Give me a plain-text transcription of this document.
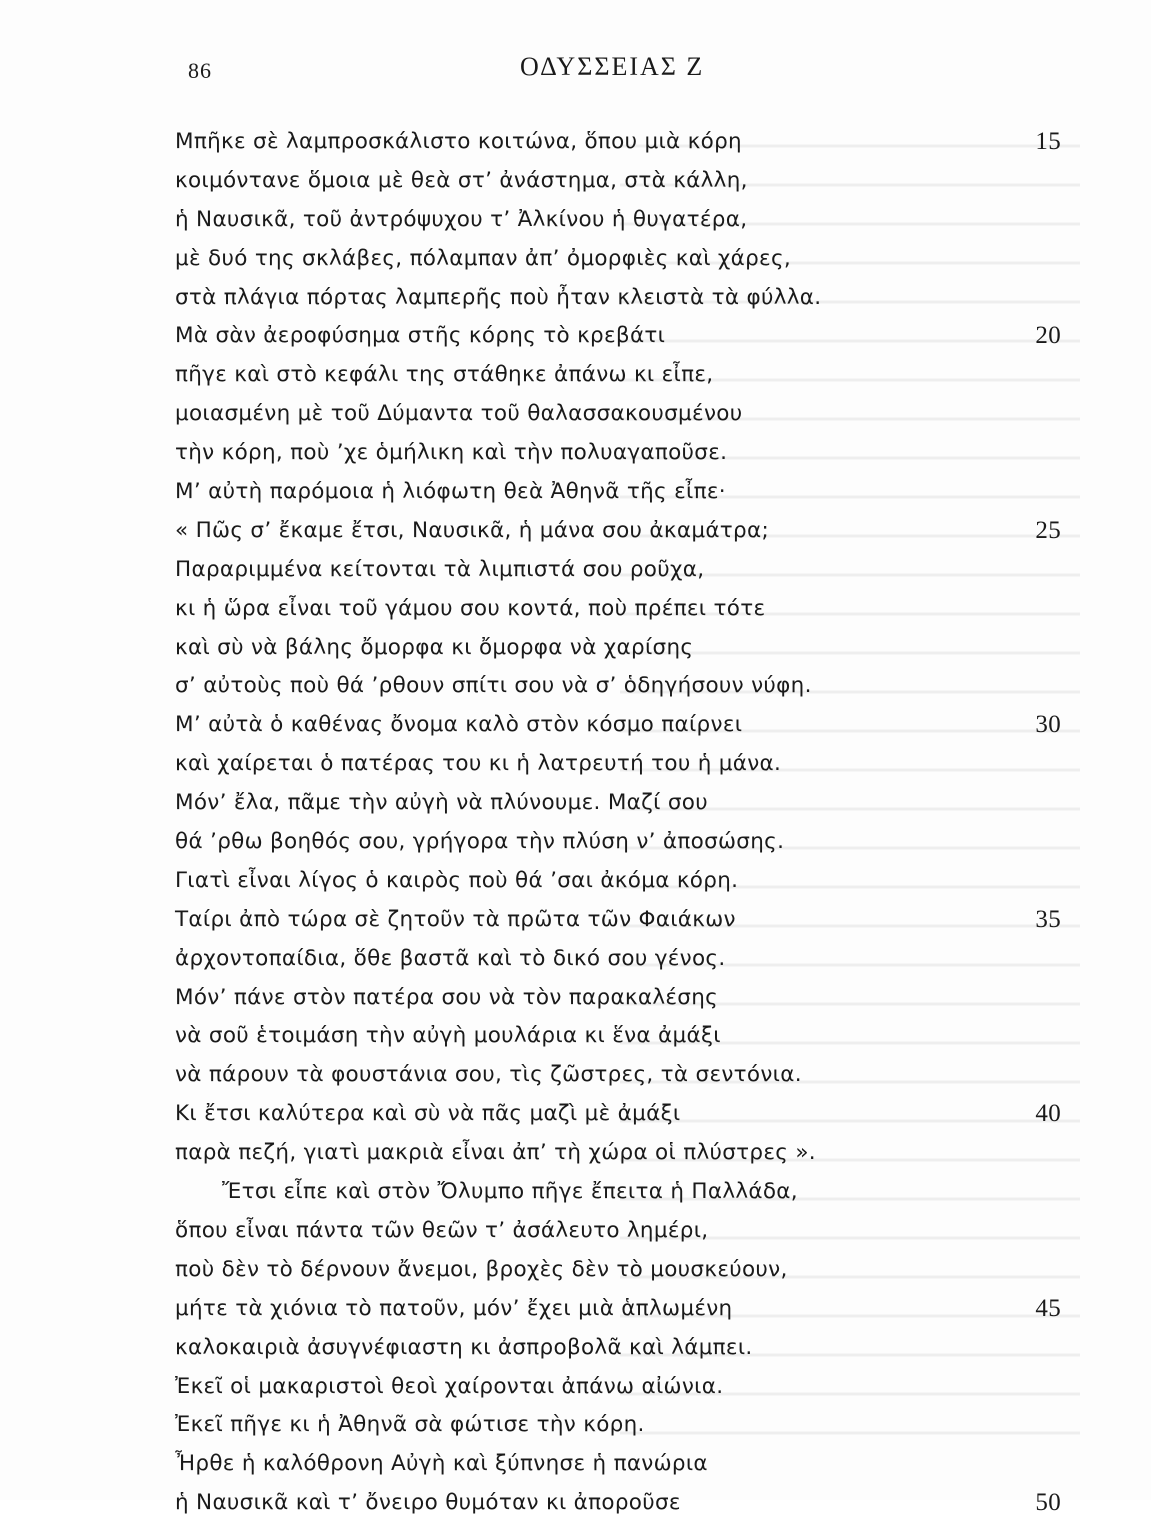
86	ΟΔΥΣΣΕΙΑΣ Ζ
Μπῆκε σὲ λαμπροσκάλιστο κοιτώνα, ὅπου μιὰ κόρη	15
κοιμόντανε ὅμοια μὲ θεὰ στ’ ἀνάστημα, στὰ κάλλη,
ἡ Ναυσικᾶ, τοῦ ἀντρόψυχου τ’ Ἀλκίνου ἡ θυγατέρα,
μὲ δυό της σκλάβες, πόλαμπαν ἀπ’ ὀμορφιὲς καὶ χάρες,
στὰ πλάγια πόρτας λαμπερῆς ποὺ ἦταν κλειστὰ τὰ φύλλα.
Μὰ σὰν ἀεροφύσημα στῆς κόρης τὸ κρεβάτι	20
πῆγε καὶ στὸ κεφάλι της στάθηκε ἀπάνω κι εἶπε,
μοιασμένη μὲ τοῦ Δύμαντα τοῦ θαλασσακουσμένου
τὴν κόρη, ποὺ ’χε ὁμήλικη καὶ τὴν πολυαγαποῦσε.
Μ’ αὐτὴ παρόμοια ἡ λιόφωτη θεὰ Ἀθηνᾶ τῆς εἶπε·
« Πῶς σ’ ἔκαμε ἔτσι, Ναυσικᾶ, ἡ μάνα σου ἀκαμάτρα;	25
Παραριμμένα κείτονται τὰ λιμπιστά σου ροῦχα,
κι ἡ ὥρα εἶναι τοῦ γάμου σου κοντά, ποὺ πρέπει τότε
καὶ σὺ νὰ βάλης ὄμορφα κι ὄμορφα νὰ χαρίσης
σ’ αὐτοὺς ποὺ θά ’ρθουν σπίτι σου νὰ σ’ ὁδηγήσουν νύφη.
Μ’ αὐτὰ ὁ καθένας ὄνομα καλὸ στὸν κόσμο παίρνει	30
καὶ χαίρεται ὁ πατέρας του κι ἡ λατρευτή του ἡ μάνα.
Μόν’ ἔλα, πᾶμε τὴν αὐγὴ νὰ πλύνουμε. Μαζί σου
θά ’ρθω βοηθός σου, γρήγορα τὴν πλύση ν’ ἀποσώσης.
Γιατὶ εἶναι λίγος ὁ καιρὸς ποὺ θά ’σαι ἀκόμα κόρη.
Ταίρι ἀπὸ τώρα σὲ ζητοῦν τὰ πρῶτα τῶν Φαιάκων	35
ἀρχοντοπαίδια, ὅθε βαστᾶ καὶ τὸ δικό σου γένος.
Μόν’ πάνε στὸν πατέρα σου νὰ τὸν παρακαλέσης
νὰ σοῦ ἑτοιμάση τὴν αὐγὴ μουλάρια κι ἕνα ἀμάξι
νὰ πάρουν τὰ φουστάνια σου, τὶς ζῶστρες, τὰ σεντόνια.
Κι ἔτσι καλύτερα καὶ σὺ νὰ πᾶς μαζὶ μὲ ἀμάξι	40
παρὰ πεζή, γιατὶ μακριὰ εἶναι ἀπ’ τὴ χώρα οἱ πλύστρες ».
Ἔτσι εἶπε καὶ στὸν Ὄλυμπο πῆγε ἔπειτα ἡ Παλλάδα,
ὅπου εἶναι πάντα τῶν θεῶν τ’ ἀσάλευτο λημέρι,
ποὺ δὲν τὸ δέρνουν ἄνεμοι, βροχὲς δὲν τὸ μουσκεύουν,
μήτε τὰ χιόνια τὸ πατοῦν, μόν’ ἔχει μιὰ ἁπλωμένη	45
καλοκαιριὰ ἀσυγνέφιαστη κι ἀσπροβολᾶ καὶ λάμπει.
Ἐκεῖ οἱ μακαριστοὶ θεοὶ χαίρονται ἀπάνω αἰώνια.
Ἐκεῖ πῆγε κι ἡ Ἀθηνᾶ σὰ φώτισε τὴν κόρη.
Ἦρθε ἡ καλόθρονη Αὐγὴ καὶ ξύπνησε ἡ πανώρια
ἡ Ναυσικᾶ καὶ τ’ ὄνειρο θυμόταν κι ἀποροῦσε	50
